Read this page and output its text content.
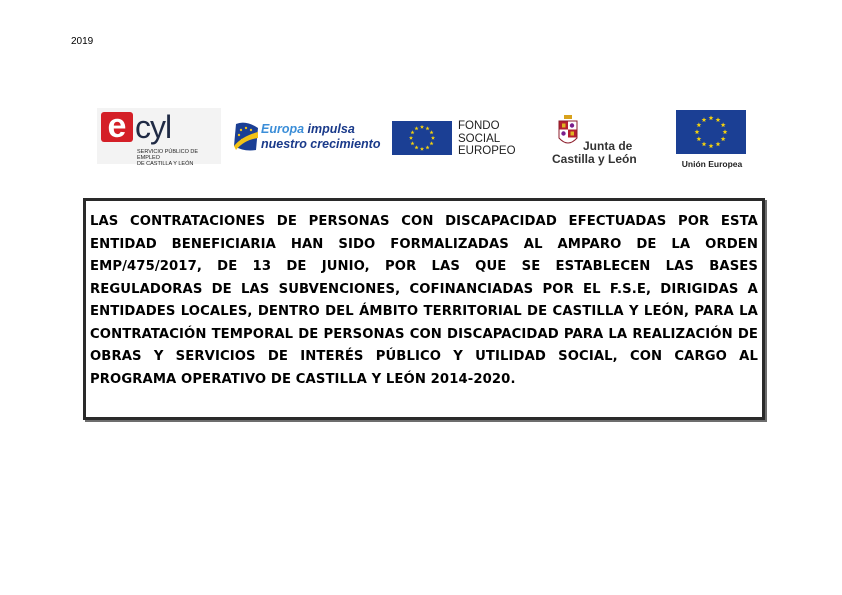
2019
e cyl
SERVICIO PÚBLICO DE EMPLEO
DE CASTILLA Y LEÓN
Europa impulsa
nuestro crecimiento
FONDO
SOCIAL
EUROPEO	Junta de
Castilla y León	Unión Europea

LAS CONTRATACIONES DE PERSONAS CON DISCAPACIDAD EFECTUADAS POR ESTA ENTIDAD BENEFICIARIA HAN SIDO FORMALIZADAS AL AMPARO DE LA ORDEN EMP/475/2017, DE 13 DE JUNIO, POR LAS QUE SE ESTABLECEN LAS BASES REGULADORAS DE LAS SUBVENCIONES, COFINANCIADAS POR EL F.S.E, DIRIGIDAS A ENTIDADES LOCALES, DENTRO DEL ÁMBITO TERRITORIAL DE CASTILLA Y LEÓN, PARA LA CONTRATACIÓN TEMPORAL DE PERSONAS CON DISCAPACIDAD PARA LA REALIZACIÓN DE OBRAS Y SERVICIOS DE INTERÉS PÚBLICO Y UTILIDAD SOCIAL, CON CARGO AL PROGRAMA OPERATIVO DE CASTILLA Y LEÓN 2014-2020.
